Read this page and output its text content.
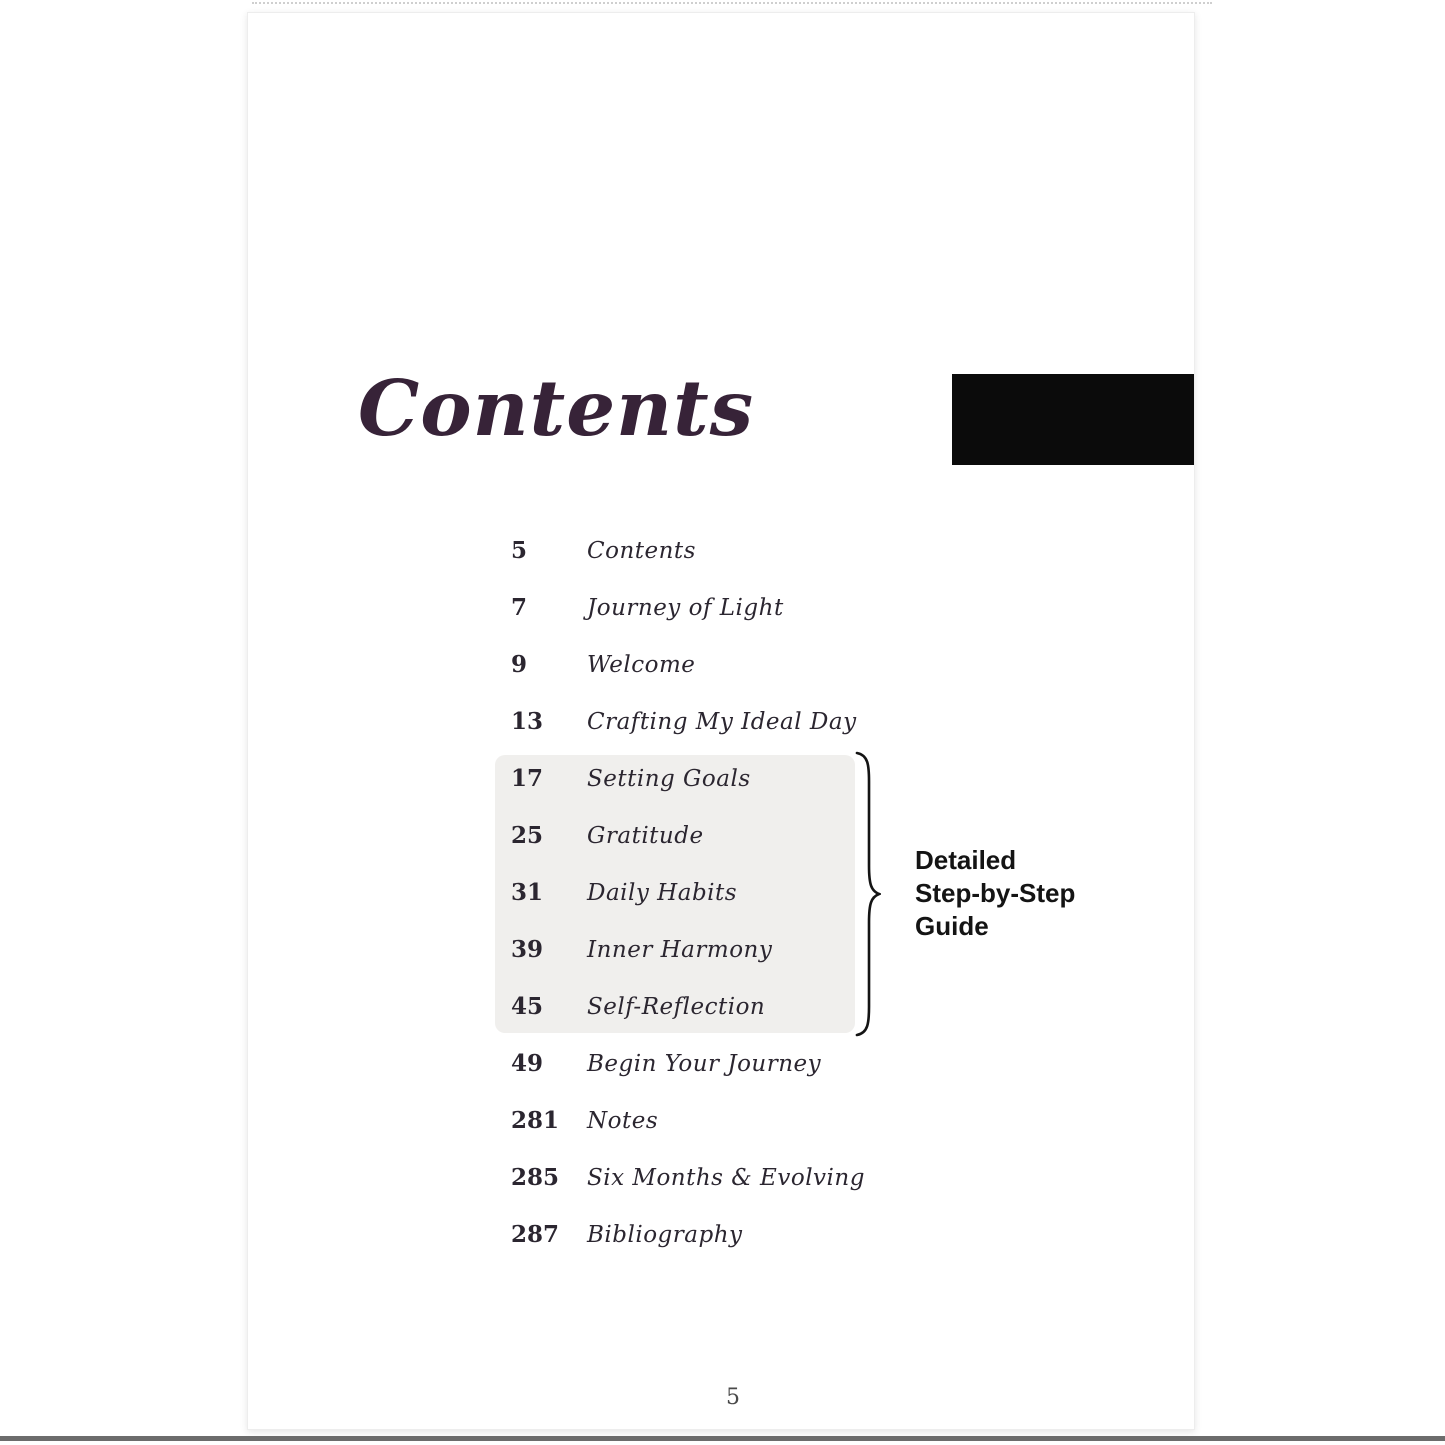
Contents
5	Contents
7	Journey of Light
9	Welcome
13	Crafting My Ideal Day
17	Setting Goals
25	Gratitude
31	Daily Habits
39	Inner Harmony
45	Self-Reflection
49	Begin Your Journey
281	Notes
285	Six Months & Evolving
287	Bibliography
Detailed
Step-by-Step
Guide
5
